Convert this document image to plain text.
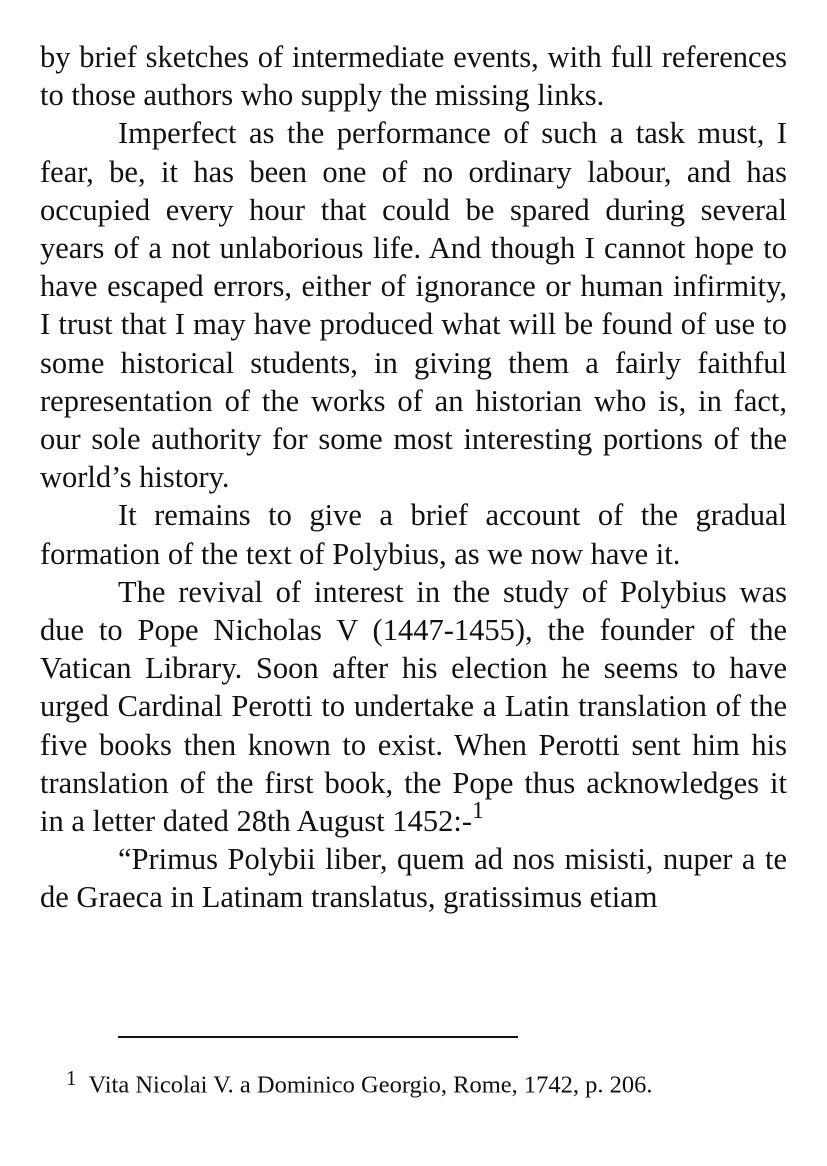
by brief sketches of intermediate events, with full references to those authors who supply the missing links.

Imperfect as the performance of such a task must, I fear, be, it has been one of no ordinary labour, and has occupied every hour that could be spared during several years of a not unlaborious life. And though I cannot hope to have escaped errors, either of ignorance or human infirmity, I trust that I may have produced what will be found of use to some historical students, in giving them a fairly faithful representation of the works of an historian who is, in fact, our sole authority for some most interesting portions of the world’s history.

It remains to give a brief account of the gradual formation of the text of Polybius, as we now have it.

The revival of interest in the study of Polybius was due to Pope Nicholas V (1447-1455), the founder of the Vatican Library. Soon after his election he seems to have urged Cardinal Perotti to undertake a Latin translation of the five books then known to exist. When Perotti sent him his translation of the first book, the Pope thus acknowledges it in a letter dated 28th August 1452:-$^1$

“Primus Polybii liber, quem ad nos misisti, nuper a te de Graeca in Latinam translatus, gratissimus etiam

1 Vita Nicolai V. a Dominico Georgio, Rome, 1742, p. 206.
